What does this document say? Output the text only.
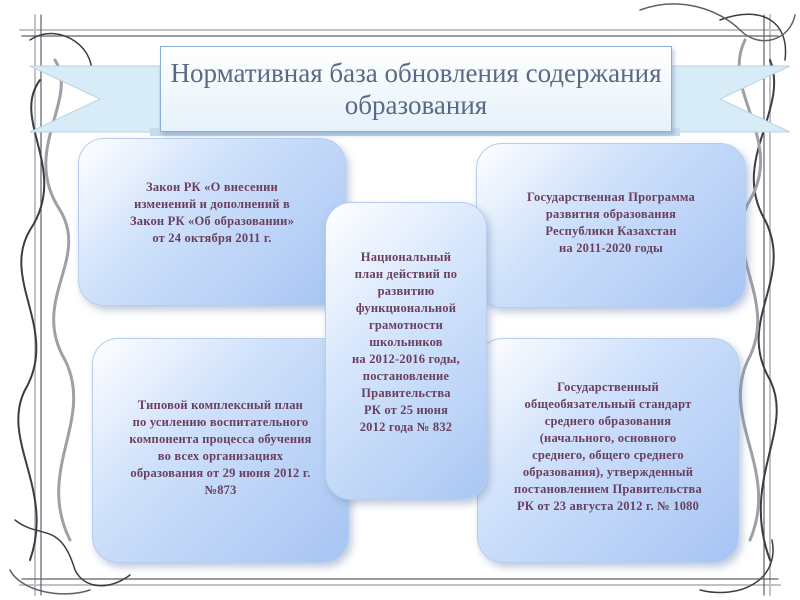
Нормативная база обновления содержания
образования
Закон РК «О внесении
изменений и дополнений в
Закон РК «Об образовании»
от 24 октября 2011 г.
Государственная Программа
развития образования
Республики Казахстан
на 2011-2020 годы
Типовой комплексный план
по усилению воспитательного
компонента процесса обучения
во всех организациях
образования от 29 июня 2012 г.
№873
Государственный
общеобязательный стандарт
среднего образования
(начального, основного
среднего, общего среднего
образования), утвержденный
постановлением Правительства
РК от 23 августа 2012 г. № 1080
Национальный
план действий по
развитию
функциональной
грамотности
школьников
на 2012-2016 годы,
постановление
Правительства
РК от 25 июня
2012 года № 832
